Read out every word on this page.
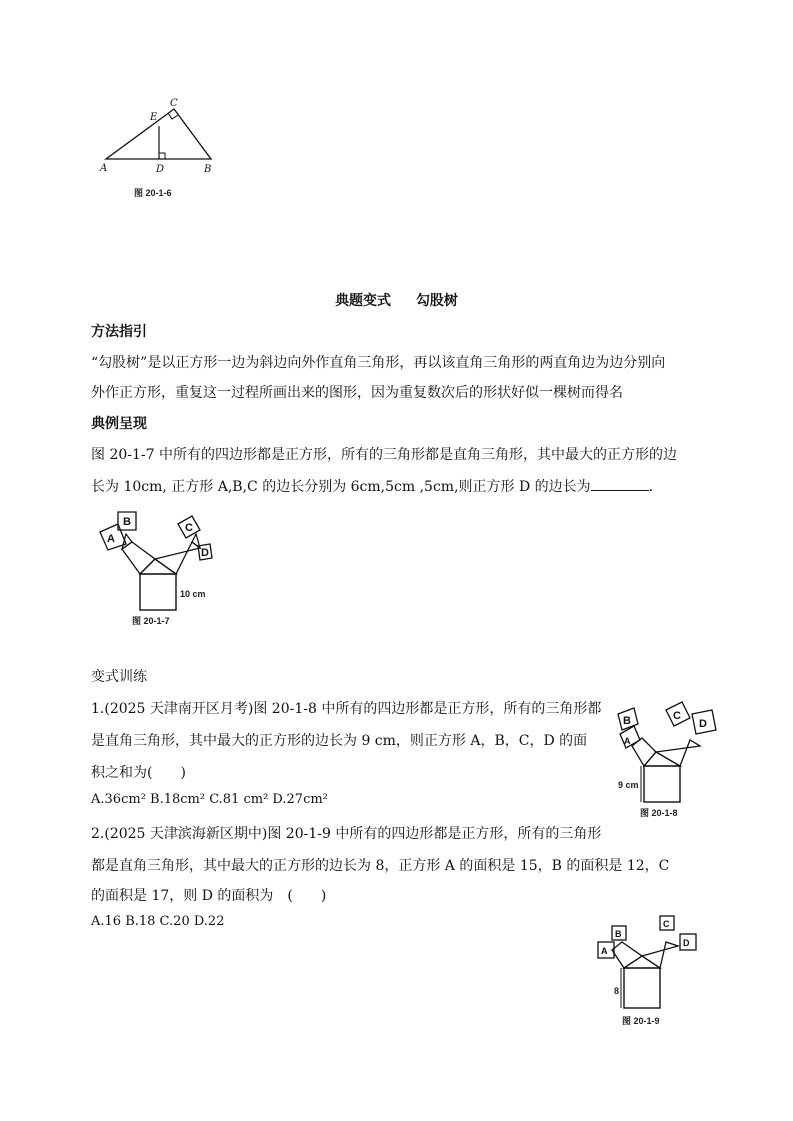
A	B
C
D
E
图 20-1-6
典题变式 勾股树
方法指引
“勾股树”是以正方形一边为斜边向外作直角三角形，再以该直角三角形的两直角边为边分别向
外作正方形，重复这一过程所画出来的图形，因为重复数次后的形状好似一棵树而得名
典例呈现
图 20-1-7 中所有的四边形都是正方形，所有的三角形都是直角三角形，其中最大的正方形的边
长为 10cm, 正方形 A,B,C 的边长分别为 6cm,5cm ,5cm,则正方形 D 的边长为	.
A
B	C
D
10 cm
图 20-1-7
变式训练
1.(2025 天津南开区月考)图 20-1-8 中所有的四边形都是正方形，所有的三角形都
是直角三角形，其中最大的正方形的边长为 9 cm，则正方形 A，B，C，D 的面
积之和为(　　)
A.36cm² B.18cm² C.81 cm² D.27cm²
A
B	C
D
9 cm
图 20-1-8
2.(2025 天津滨海新区期中)图 20-1-9 中所有的四边形都是正方形，所有的三角形
都是直角三角形，其中最大的正方形的边长为 8，正方形 A 的面积是 15，B 的面积是 12，C
的面积是 17，则 D 的面积为　(　　)
A.16 B.18 C.20 D.22
A
B
C
D
8
图 20-1-9
